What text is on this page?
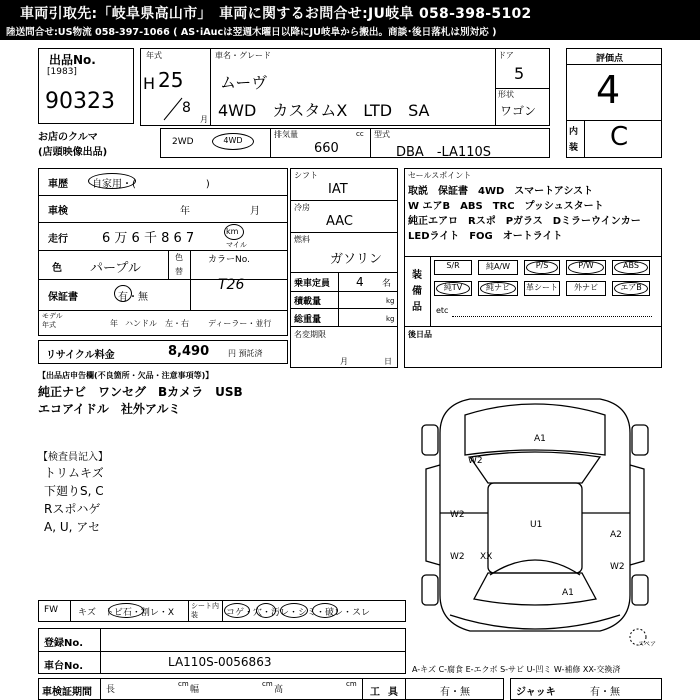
車両引取先:「岐阜県高山市」　車両に関するお問合せ:JU岐阜 058-398-5102
陸送問合せ:US物流 058-397-1066 ( AS･iAucは翌週木曜日以降にJU岐阜から搬出。商談･後日落札は別対応 )
出品No.
[1983]
90323
お店のクルマ
(店頭映像出品)
年式
H 25
8
月
車名・グレード
ムーヴ
4WD　カスタムX　LTD　SA
ドア
5
形状
ワゴン
評価点
4
内
装 C
2WD	4WD
排気量	cc
660
型式
DBA　-LA110S
車歴 自家用・(　　　　　　　)
車検	年	月
走行	6 万 6 千 8 6 7	km
マイル
色 パープル
色
替
カラーNo.
T26
保証書	有・無
モデル
年式	年 ハンドル　左・右 ディーラー・並行
シフト
IAT
冷房
AAC
燃料
ガソリン
乗車定員 4 名
積載量	kg
総重量	kg
名変期限
月	日
セールスポイント
取説　保証書　4WD　スマートアシスト
W エアB　ABS　TRC　プッシュスタート
純正エアロ　Rスポ　Pガラス　Dミラーウインカー
LEDライト　FOG　オートライト
装備品
S/R	純A/W	P/S	P/W	ABS
純TV	純ナビ	革シート	外ナビ	エアB
etc
後日品
リサイクル料金	8,490 円 預託済
【出品店申告欄(不良箇所・欠品・注意事項等)】
純正ナビ　ワンセグ　Bカメラ　USB
エコアイドル　社外アルミ
【検査員記入】
トリムキズ
下廻りS, C
Rスポハゲ
A, U, アセ
A1
W2
W2
U1
A2
W2 XX
A1
W2
スペア
FW キズ　トビ石・割レ・X
シート内装	コゲ・穴・汚レ・シミ・破レ・スレ
登録No.
車台No.	LA110S-0056863
A-キズ C-腐食 E-エクボ S-サビ U-凹ミ W-補修 XX-交換済
車検証期間 長
cm
幅
cm
高
cm
工具	有・無	ジャッキ	有・無
